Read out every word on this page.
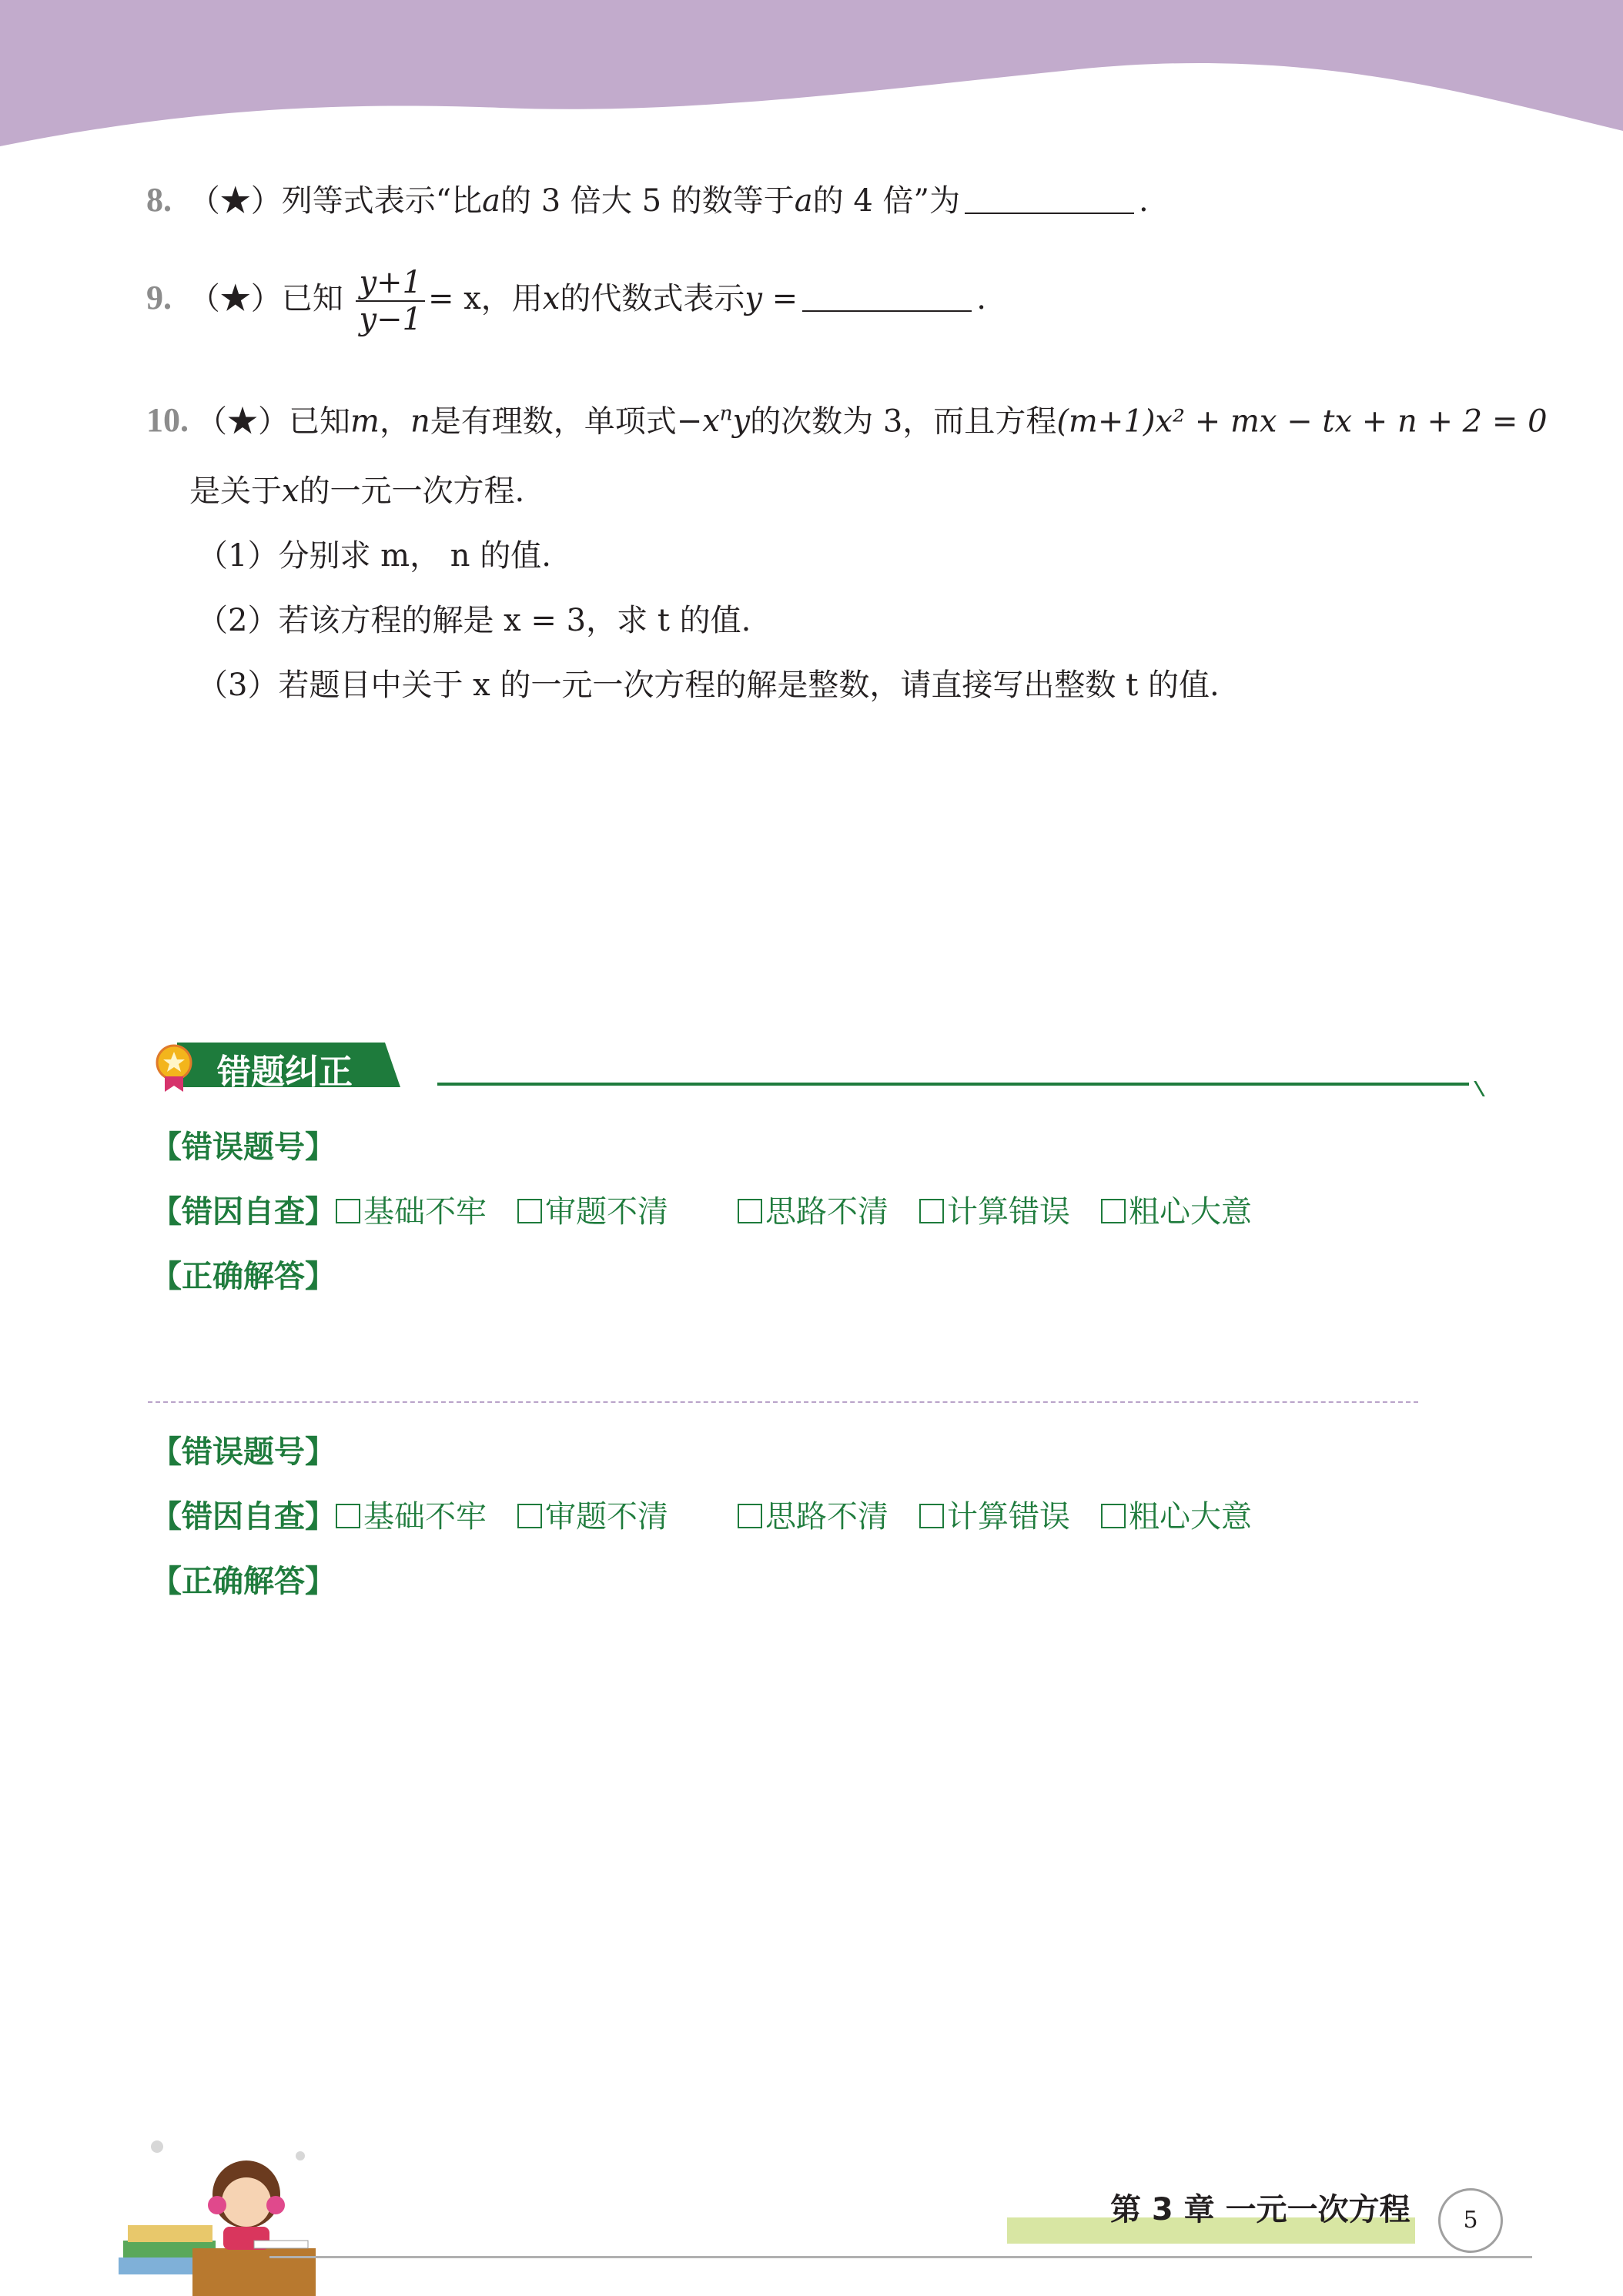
8. （★）列等式表示“比a的 3 倍大 5 的数等于a的 4 倍”为	.
9. （★）已知 $\frac{y+1}{y-1} = x$，用x的代数式表示y =	.
10. （★）已知m，n是有理数，单项式$-x^ny$的次数为 3，而且方程(m+1)x² + mx − tx + n + 2 = 0
是关于x的一元一次方程.
（1）分别求 m， n 的值.
（2）若该方程的解是 x = 3，求 t 的值.
（3）若题目中关于 x 的一元一次方程的解是整数，请直接写出整数 t 的值.
错题纠正
【错误题号】
【错因自查】 基础不牢 审题不清	思路不清 计算错误 粗心大意
【正确解答】
【错误题号】
【错因自查】 基础不牢 审题不清	思路不清 计算错误 粗心大意
【正确解答】
第 3 章 一元一次方程	5
